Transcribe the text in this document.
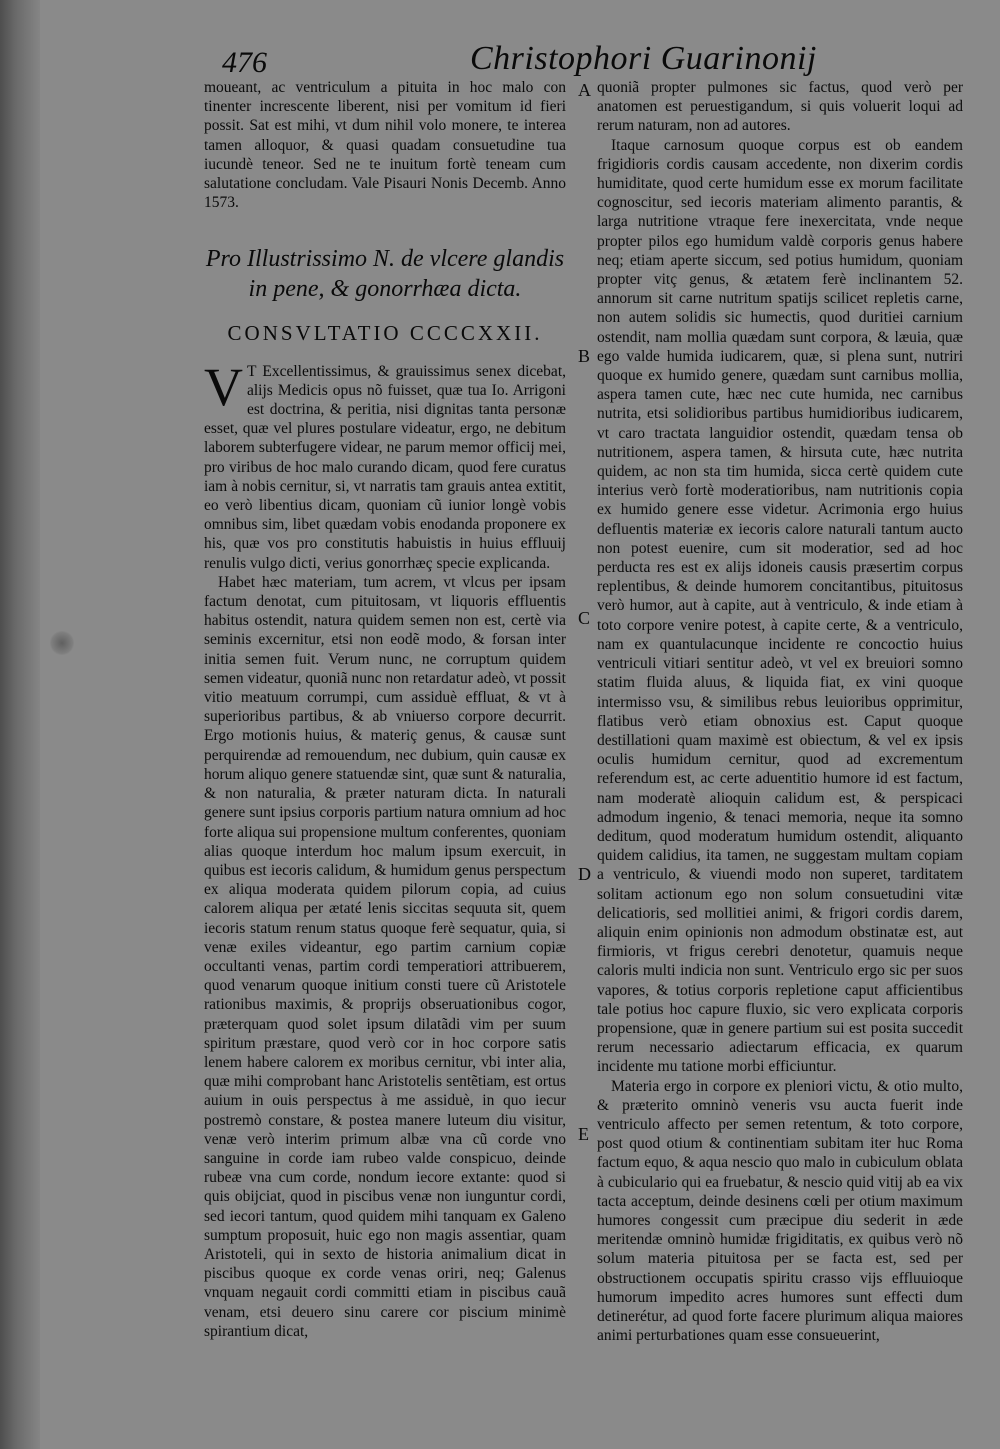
476	Christophori Guarinonij
A
B
C
D
E

moueant, ac ventriculum a pituita in hoc malo con tinenter increscente liberent, nisi per vomitum id fieri possit. Sat est mihi, vt dum nihil volo monere, te interea tamen alloquor, & quasi quadam consuetudine tua iucundè teneor. Sed ne te inuitum fortè teneam cum salutatione concludam. Vale Pisauri Nonis Decemb. Anno 1573.

Pro Illustrissimo N. de vlcere glandis in pene, & gonorrhæa dicta.
CONSVLTATIO CCCCXXII.

V T Excellentissimus, & grauissimus senex dicebat, alijs Medicis opus nõ fuisset, quæ tua Io. Arrigoni est doctrina, & peritia, nisi dignitas tanta personæ esset, quæ vel plures postulare videatur, ergo, ne debitum laborem subterfugere videar, ne parum memor officij mei, pro viribus de hoc malo curando dicam, quod fere curatus iam à nobis cernitur, si, vt narratis tam grauis antea extitit, eo verò libentius dicam, quoniam cũ iunior longè vobis omnibus sim, libet quædam vobis enodanda proponere ex his, quæ vos pro constitutis habuistis in huius effluuij renulis vulgo dicti, verius gonorrhæç specie explicanda.

Habet hæc materiam, tum acrem, vt vlcus per ipsam factum denotat, cum pituitosam, vt liquoris effluentis habitus ostendit, natura quidem semen non est, certè via seminis excernitur, etsi non eodẽ modo, & forsan inter initia semen fuit. Verum nunc, ne corruptum quidem semen videatur, quoniã nunc non retardatur adeò, vt possit vitio meatuum corrumpi, cum assiduè effluat, & vt à superioribus partibus, & ab vniuerso corpore decurrit. Ergo motionis huius, & materiç genus, & causæ sunt perquirendæ ad remouendum, nec dubium, quin causæ ex horum aliquo genere statuendæ sint, quæ sunt & naturalia, & non naturalia, & præter naturam dicta. In naturali genere sunt ipsius corporis partium natura omnium ad hoc forte aliqua sui propensione multum conferentes, quoniam alias quoque interdum hoc malum ipsum exercuit, in quibus est iecoris calidum, & humidum genus perspectum ex aliqua moderata quidem pilorum copia, ad cuius calorem aliqua per ætaté lenis siccitas sequuta sit, quem iecoris statum renum status quoque ferè sequatur, quia, si venæ exiles videantur, ego partim carnium copiæ occultanti venas, partim cordi temperatiori attribuerem, quod venarum quoque initium consti tuere cũ Aristotele rationibus maximis, & proprijs obseruationibus cogor, præterquam quod solet ipsum dilatãdi vim per suum spiritum præstare, quod verò cor in hoc corpore satis lenem habere calorem ex moribus cernitur, vbi inter alia, quæ mihi comprobant hanc Aristotelis sentẽtiam, est ortus auium in ouis perspectus à me assiduè, in quo iecur postremò constare, & postea manere luteum diu visitur, venæ verò interim primum albæ vna cũ corde vno sanguine in corde iam rubeo valde conspicuo, deinde rubeæ vna cum corde, nondum iecore extante: quod si quis obijciat, quod in piscibus venæ non iunguntur cordi, sed iecori tantum, quod quidem mihi tanquam ex Galeno sumptum proposuit, huic ego non magis assentiar, quam Aristoteli, qui in sexto de historia animalium dicat in piscibus quoque ex corde venas oriri, neq; Galenus vnquam negauit cordi committi etiam in piscibus cauã venam, etsi deuero sinu carere cor piscium minimè spirantium dicat,

quoniã propter pulmones sic factus, quod verò per anatomen est peruestigandum, si quis voluerit loqui ad rerum naturam, non ad autores.

Itaque carnosum quoque corpus est ob eandem frigidioris cordis causam accedente, non dixerim cordis humiditate, quod certe humidum esse ex morum facilitate cognoscitur, sed iecoris materiam alimento parantis, & larga nutritione vtraque fere inexercitata, vnde neque propter pilos ego humidum valdè corporis genus habere neq; etiam aperte siccum, sed potius humidum, quoniam propter vitç genus, & ætatem ferè inclinantem 52. annorum sit carne nutritum spatijs scilicet repletis carne, non autem solidis sic humectis, quod duritiei carnium ostendit, nam mollia quædam sunt corpora, & læuia, quæ ego valde humida iudicarem, quæ, si plena sunt, nutriri quoque ex humido genere, quædam sunt carnibus mollia, aspera tamen cute, hæc nec cute humida, nec carnibus nutrita, etsi solidioribus partibus humidioribus iudicarem, vt caro tractata languidior ostendit, quædam tensa ob nutritionem, aspera tamen, & hirsuta cute, hæc nutrita quidem, ac non sta tim humida, sicca certè quidem cute interius verò fortè moderatioribus, nam nutritionis copia ex humido genere esse videtur. Acrimonia ergo huius defluentis materiæ ex iecoris calore naturali tantum aucto non potest euenire, cum sit moderatior, sed ad hoc perducta res est ex alijs idoneis causis præsertim corpus replentibus, & deinde humorem concitantibus, pituitosus verò humor, aut à capite, aut à ventriculo, & inde etiam à toto corpore venire potest, à capite certe, & a ventriculo, nam ex quantulacunque incidente re concoctio huius ventriculi vitiari sentitur adeò, vt vel ex breuiori somno statim fluida aluus, & liquida fiat, ex vini quoque intermisso vsu, & similibus rebus leuioribus opprimitur, flatibus verò etiam obnoxius est. Caput quoque destillationi quam maximè est obiectum, & vel ex ipsis oculis humidum cernitur, quod ad excrementum referendum est, ac certe aduentitio humore id est factum, nam moderatè alioquin calidum est, & perspicaci admodum ingenio, & tenaci memoria, neque ita somno deditum, quod moderatum humidum ostendit, aliquanto quidem calidius, ita tamen, ne suggestam multam copiam a ventriculo, & viuendi modo non superet, tarditatem solitam actionum ego non solum consuetudini vitæ delicatioris, sed mollitiei animi, & frigori cordis darem, aliquin enim opinionis non admodum obstinatæ est, aut firmioris, vt frigus cerebri denotetur, quamuis neque caloris multi indicia non sunt. Ventriculo ergo sic per suos vapores, & totius corporis repletione caput afficientibus tale potius hoc capure fluxio, sic vero explicata corporis propensione, quæ in genere partium sui est posita succedit rerum necessario adiectarum efficacia, ex quarum incidente mu tatione morbi efficiuntur.

Materia ergo in corpore ex pleniori victu, & otio multo, & præterito omninò veneris vsu aucta fuerit inde ventriculo affecto per semen retentum, & toto corpore, post quod otium & continentiam subitam iter huc Roma factum equo, & aqua nescio quo malo in cubiculum oblata à cubiculario qui ea fruebatur, & nescio quid vitij ab ea vix tacta acceptum, deinde desinens cœli per otium maximum humores congessit cum præcipue diu sederit in æde meritendæ omninò humidæ frigiditatis, ex quibus verò nõ solum materia pituitosa per se facta est, sed per obstructionem occupatis spiritu crasso vijs effluuioque humorum impedito acres humores sunt effecti dum detinerétur, ad quod forte facere plurimum aliqua maiores animi perturbationes quam esse consueuerint,
